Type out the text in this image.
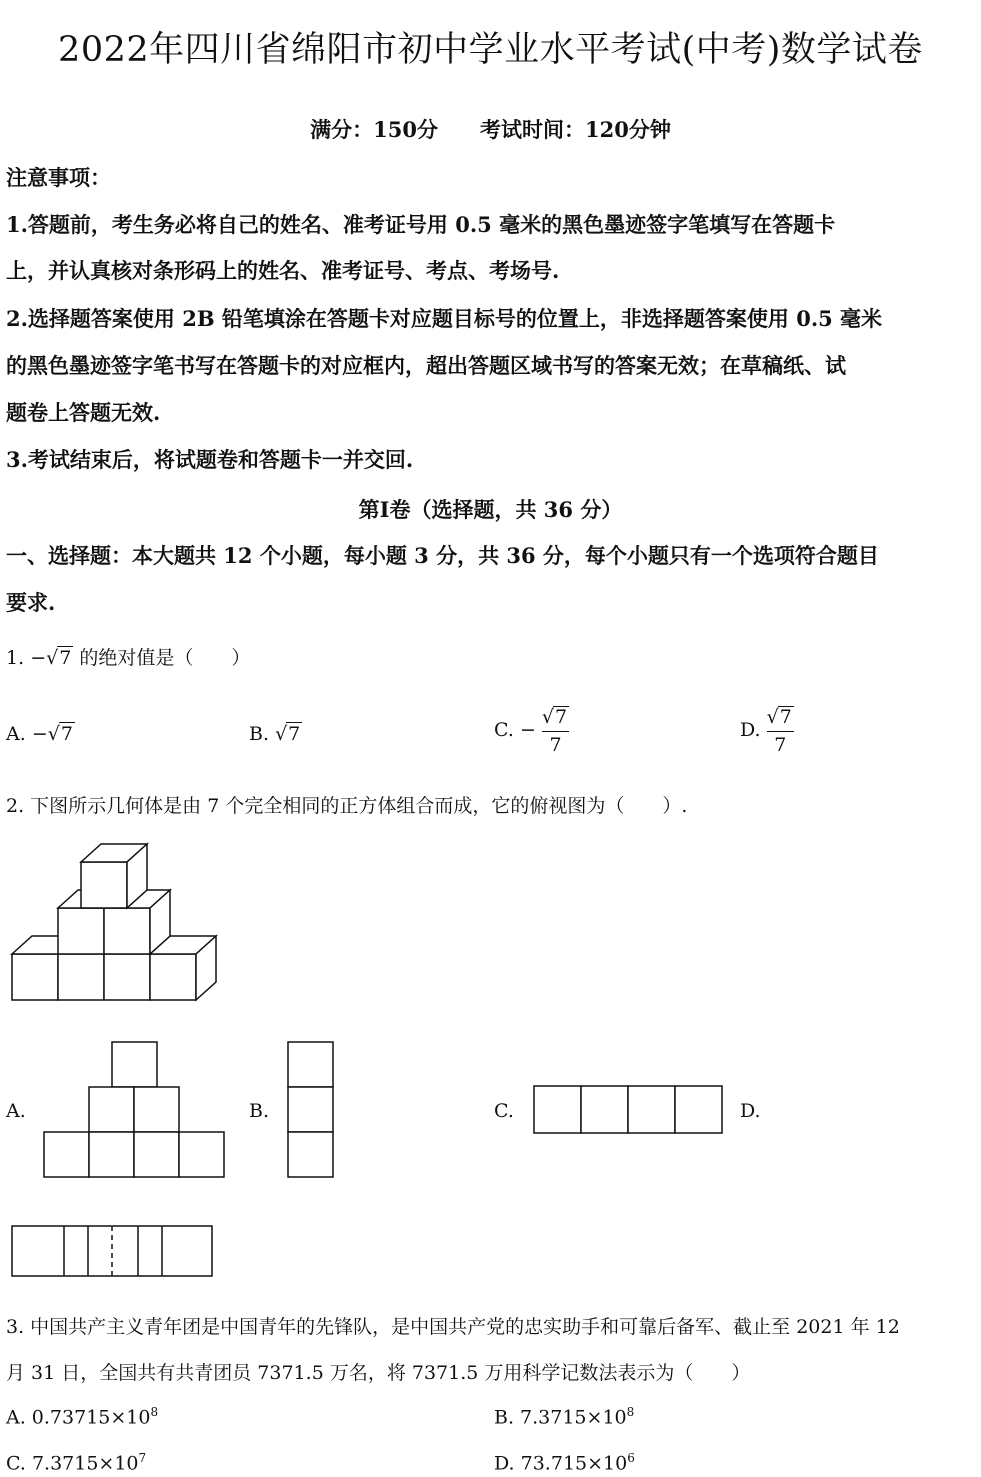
2022年四川省绵阳市初中学业水平考试(中考)数学试卷
满分：150分　　考试时间：120分钟
注意事项：
1.答题前，考生务必将自己的姓名、准考证号用 0.5 毫米的黑色墨迹签字笔填写在答题卡
上，并认真核对条形码上的姓名、准考证号、考点、考场号.
2.选择题答案使用 2B 铅笔填涂在答题卡对应题目标号的位置上，非选择题答案使用 0.5 毫米
的黑色墨迹签字笔书写在答题卡的对应框内，超出答题区域书写的答案无效；在草稿纸、试
题卷上答题无效.
3.考试结束后，将试题卷和答题卡一并交回.
第Ⅰ卷（选择题，共 36 分）
一、选择题：本大题共 12 个小题，每小题 3 分，共 36 分，每个小题只有一个选项符合题目
要求.
1. −√7 的绝对值是（　　）
A. −√7	B. √7	C. − $\frac{√7}{7}$	D. $\frac{√7}{7}$
2. 下图所示几何体是由 7 个完全相同的正方体组合而成，它的俯视图为（　　）.
A.	B.	C.	D.
3. 中国共产主义青年团是中国青年的先锋队，是中国共产党的忠实助手和可靠后备军、截止至 2021 年 12
月 31 日，全国共有共青团员 7371.5 万名，将 7371.5 万用科学记数法表示为（　　）
A. $0.73715\times 10^8$	B. $7.3715\times 10^8$
C. $7.3715\times 10^7$	D. $73.715\times 10^6$
